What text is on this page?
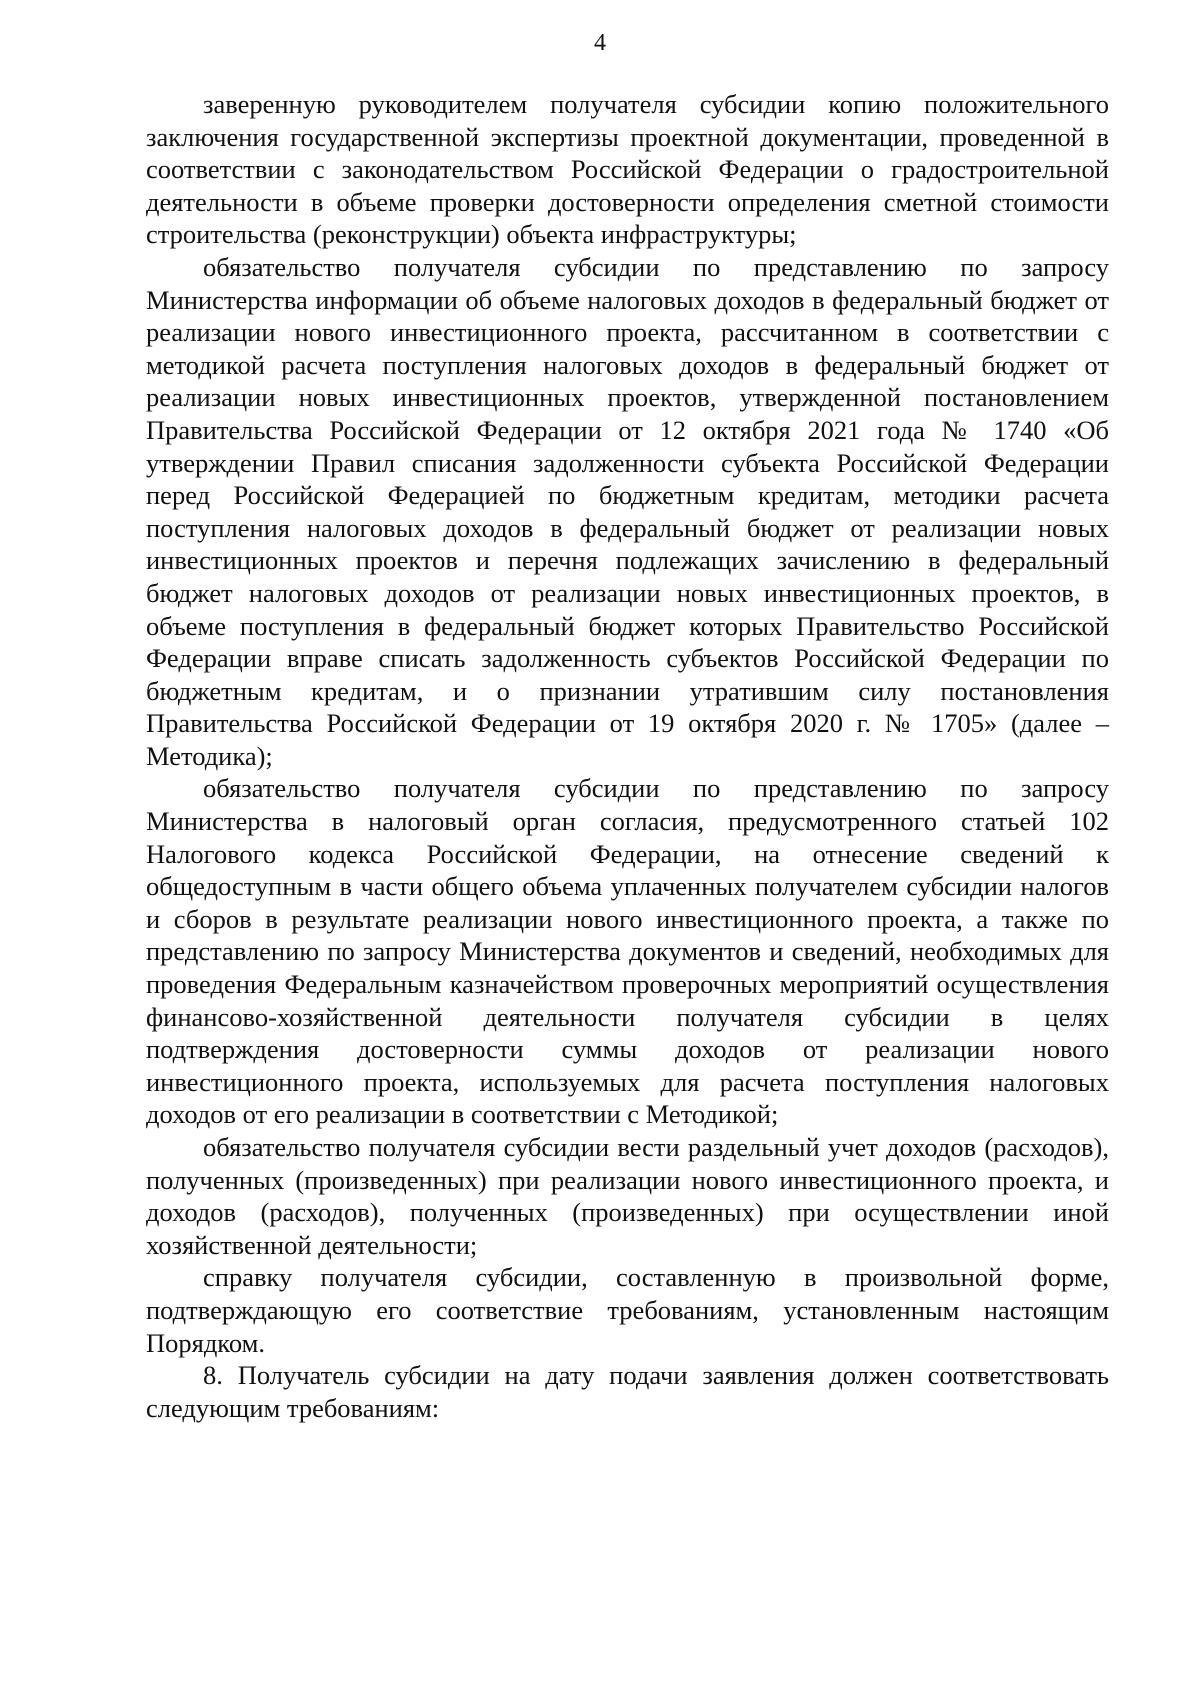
4

заверенную руководителем получателя субсидии копию положительного заключения государственной экспертизы проектной документации, проведенной в соответствии с законодательством Российской Федерации о градостроительной деятельности в объеме проверки достоверности определения сметной стоимости строительства (реконструкции) объекта инфраструктуры;

обязательство получателя субсидии по представлению по запросу Министерства информации об объеме налоговых доходов в федеральный бюджет от реализации нового инвестиционного проекта, рассчитанном в соответствии с методикой расчета поступления налоговых доходов в федеральный бюджет от реализации новых инвестиционных проектов, утвержденной постановлением Правительства Российской Федерации от 12 октября 2021 года № 1740 «Об утверждении Правил списания задолженности субъекта Российской Федерации перед Российской Федерацией по бюджетным кредитам, методики расчета поступления налоговых доходов в федеральный бюджет от реализации новых инвестиционных проектов и перечня подлежащих зачислению в федеральный бюджет налоговых доходов от реализации новых инвестиционных проектов, в объеме поступления в федеральный бюджет которых Правительство Российской Федерации вправе списать задолженность субъектов Российской Федерации по бюджетным кредитам, и о признании утратившим силу постановления Правительства Российской Федерации от 19 октября 2020 г. № 1705» (далее – Методика);

обязательство получателя субсидии по представлению по запросу Министерства в налоговый орган согласия, предусмотренного статьей 102 Налогового кодекса Российской Федерации, на отнесение сведений к общедоступным в части общего объема уплаченных получателем субсидии налогов и сборов в результате реализации нового инвестиционного проекта, а также по представлению по запросу Министерства документов и сведений, необходимых для проведения Федеральным казначейством проверочных мероприятий осуществления финансово-хозяйственной деятельности получателя субсидии в целях подтверждения достоверности суммы доходов от реализации нового инвестиционного проекта, используемых для расчета поступления налоговых доходов от его реализации в соответствии с Методикой;

обязательство получателя субсидии вести раздельный учет доходов (расходов), полученных (произведенных) при реализации нового инвестиционного проекта, и доходов (расходов), полученных (произведенных) при осуществлении иной хозяйственной деятельности;

справку получателя субсидии, составленную в произвольной форме, подтверждающую его соответствие требованиям, установленным настоящим Порядком.

8. Получатель субсидии на дату подачи заявления должен соответствовать следующим требованиям:
